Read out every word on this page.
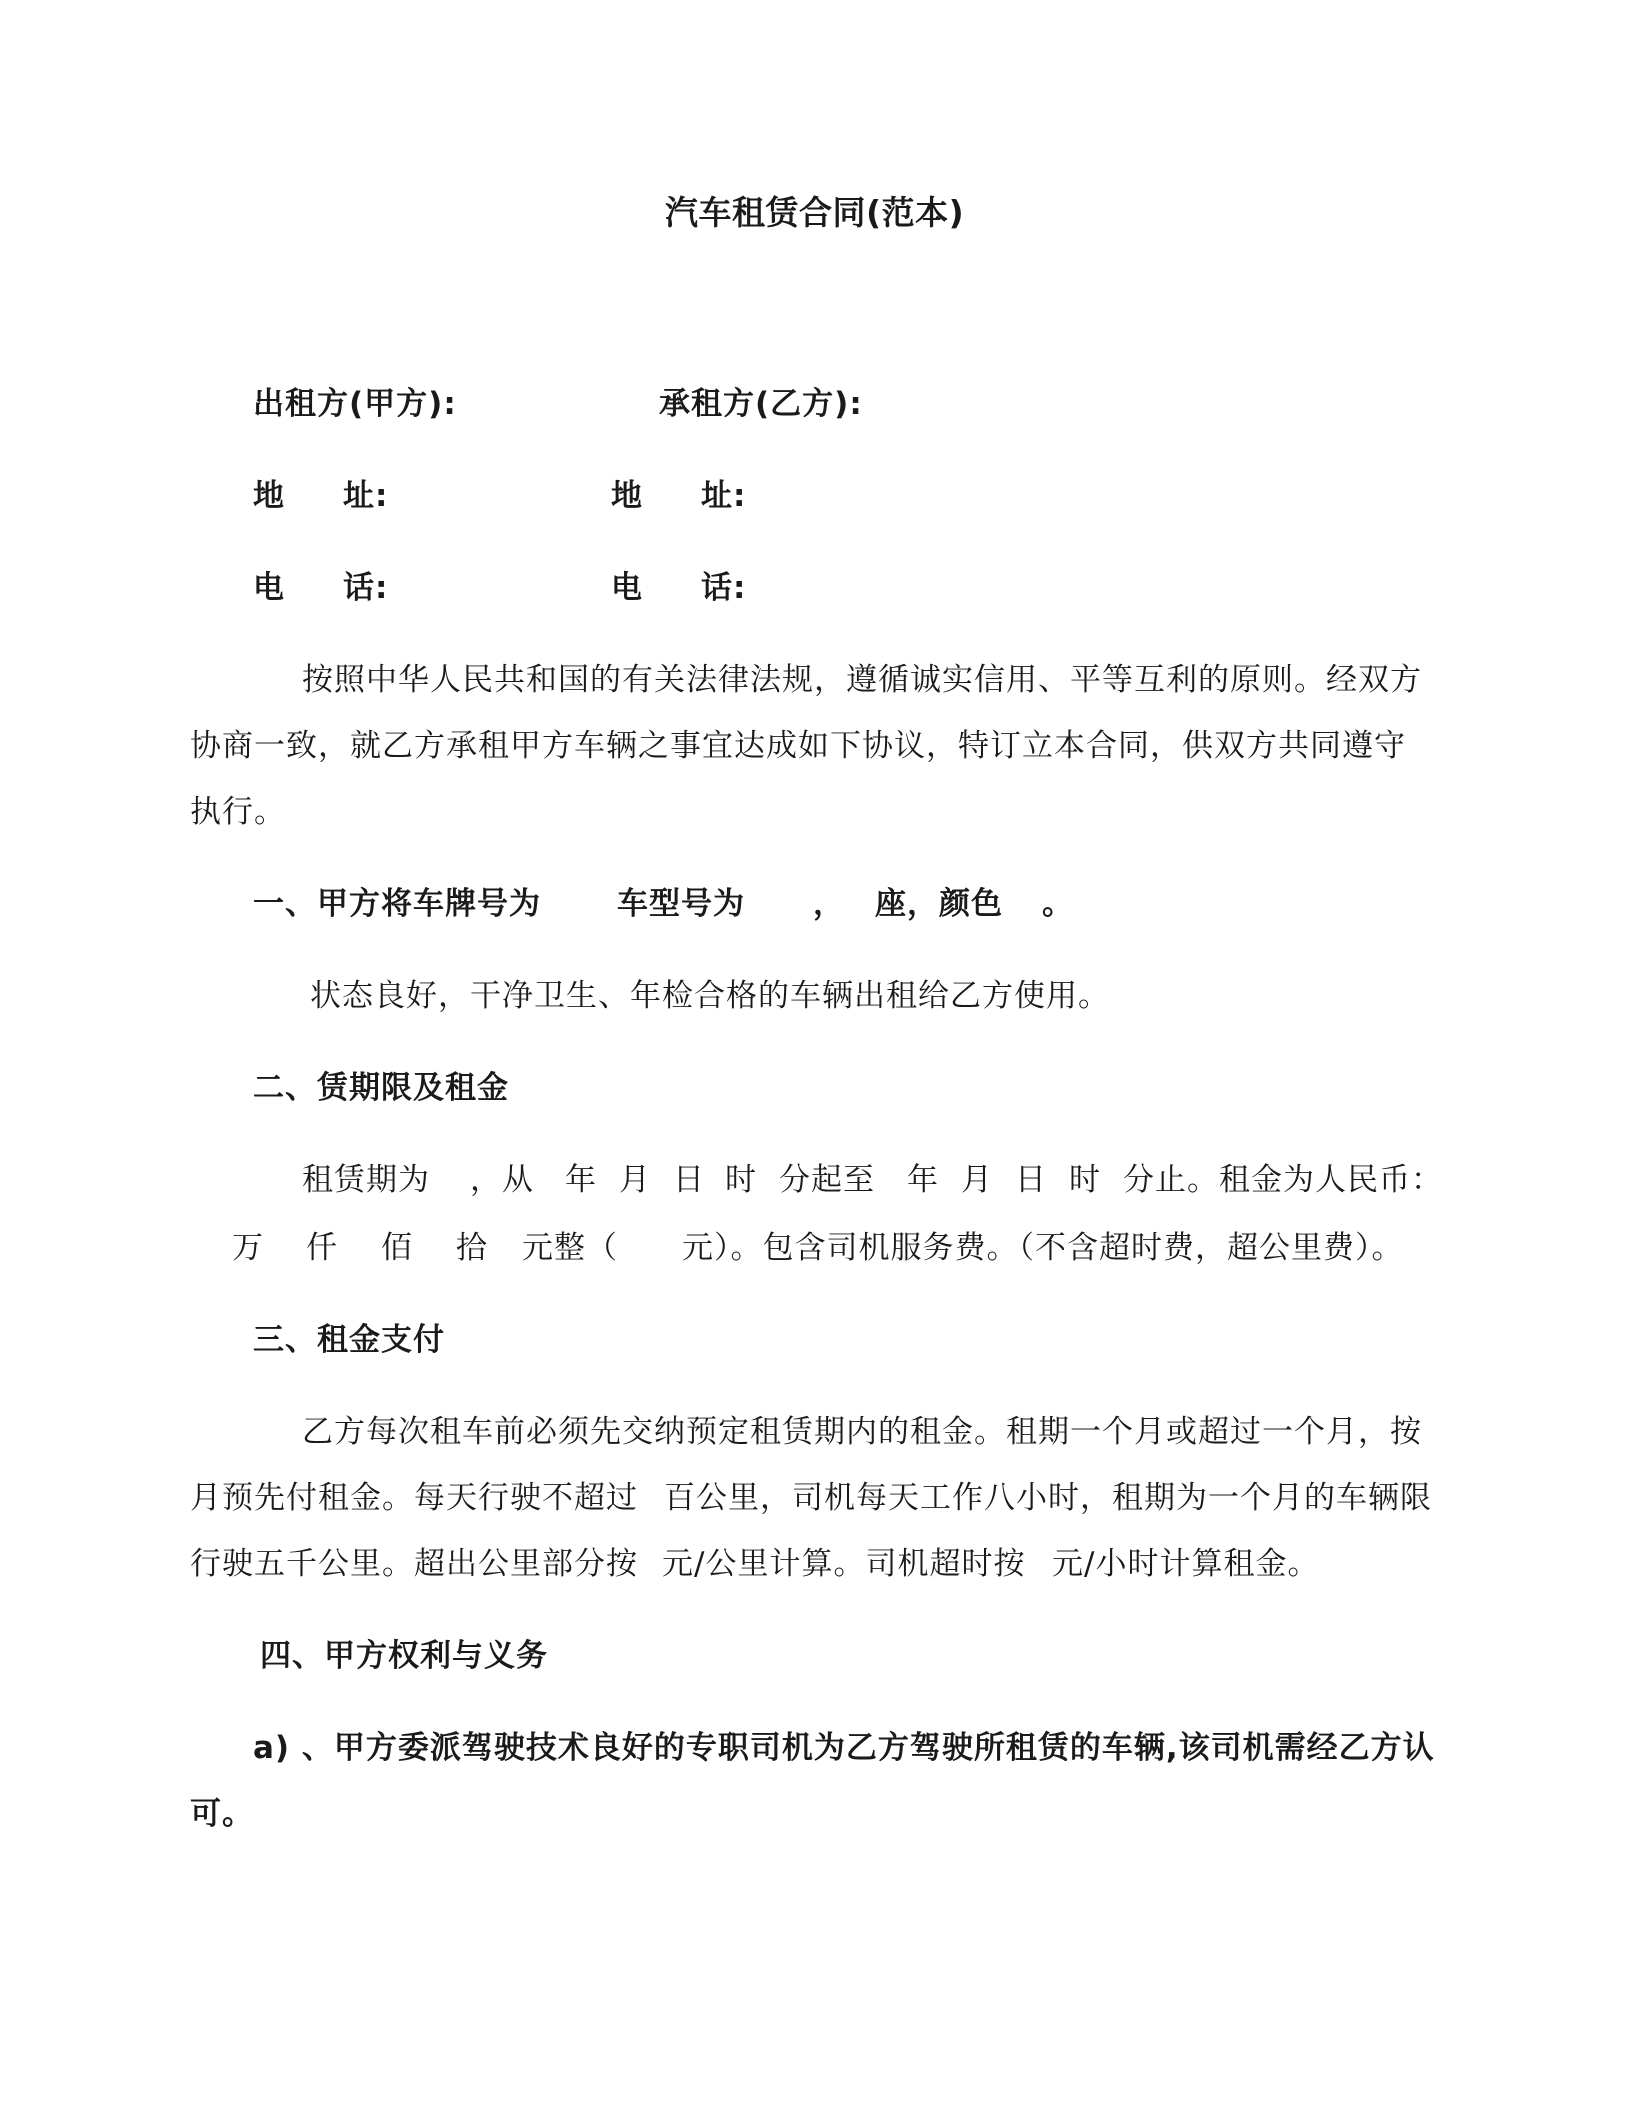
汽车租赁合同(范本)
出租方(甲方):	承租方(乙方):
地 址:	地 址:
电 话:	电 话:
按照中华人民共和国的有关法律法规，遵循诚实信用、平等互利的原则。经双方
协商一致，就乙方承租甲方车辆之事宜达成如下协议，特订立本合同，供双方共同遵守
执行。
一、甲方将车牌号为 车型号为 ， 座，颜色 。
状态良好，干净卫生、年检合格的车辆出租给乙方使用。
二、赁期限及租金
租赁期为 ，从 年 月 日 时 分起至 年 月 日 时 分止。租金为人民币：
万 仟 佰 拾 元整（ 元）。包含司机服务费。（不含超时费，超公里费）。
三、租金支付
乙方每次租车前必须先交纳预定租赁期内的租金。租期一个月或超过一个月，按
月预先付租金。每天行驶不超过 百公里，司机每天工作八小时，租期为一个月的车辆限
行驶五千公里。超出公里部分按 元/公里计算。司机超时按 元/小时计算租金。
四、甲方权利与义务
a) 、甲方委派驾驶技术良好的专职司机为乙方驾驶所租赁的车辆,该司机需经乙方认
可。
